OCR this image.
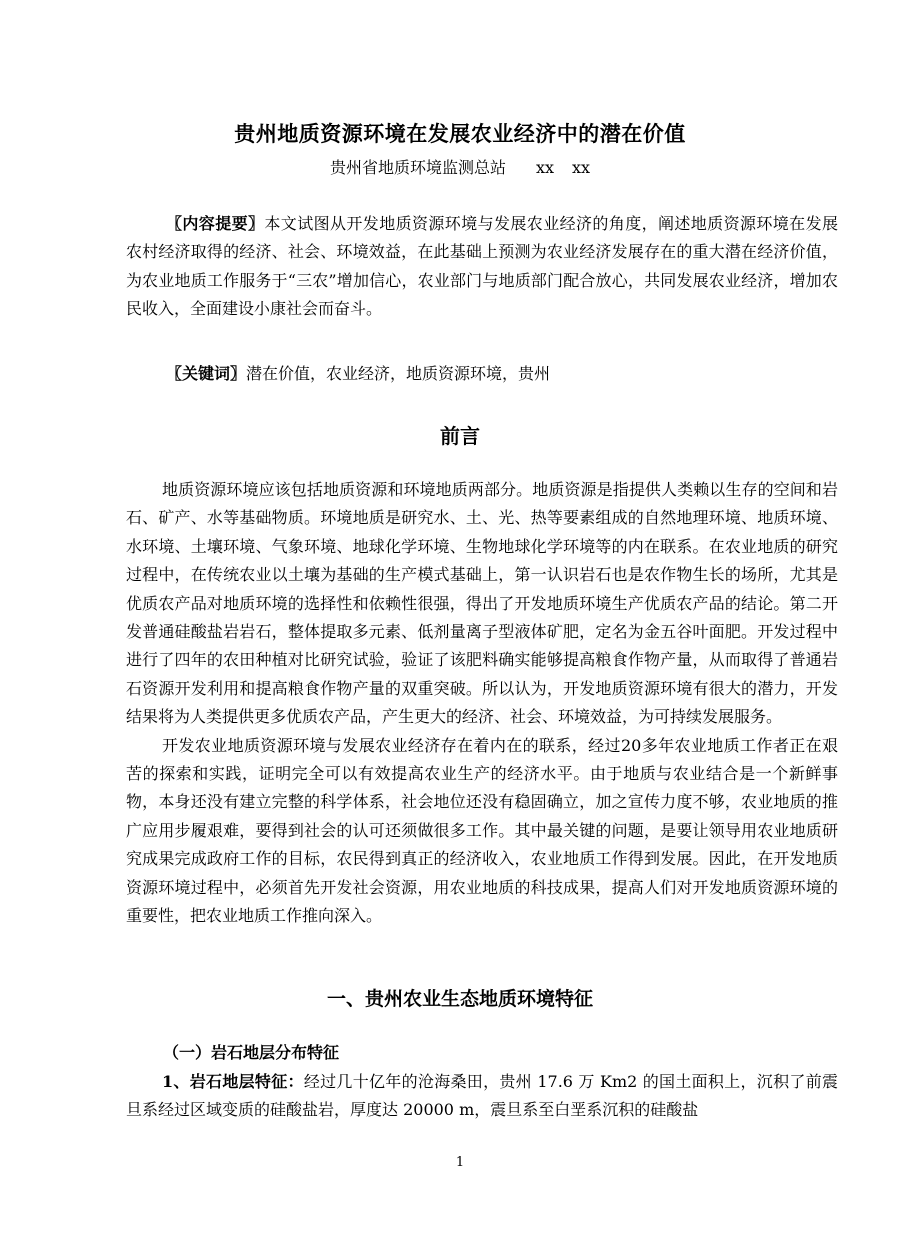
贵州地质资源环境在发展农业经济中的潜在价值
贵州省地质环境监测总站 xx xx
〖内容提要〗本文试图从开发地质资源环境与发展农业经济的角度，阐述地质资源环境在发展农村经济取得的经济、社会、环境效益，在此基础上预测为农业经济发展存在的重大潜在经济价值，为农业地质工作服务于“三农”增加信心，农业部门与地质部门配合放心，共同发展农业经济，增加农民收入，全面建设小康社会而奋斗。
〖关键词〗潜在价值，农业经济，地质资源环境，贵州
前言

地质资源环境应该包括地质资源和环境地质两部分。地质资源是指提供人类赖以生存的空间和岩石、矿产、水等基础物质。环境地质是研究水、土、光、热等要素组成的自然地理环境、地质环境、水环境、土壤环境、气象环境、地球化学环境、生物地球化学环境等的内在联系。在农业地质的研究过程中，在传统农业以土壤为基础的生产模式基础上，第一认识岩石也是农作物生长的场所，尤其是优质农产品对地质环境的选择性和依赖性很强，得出了开发地质环境生产优质农产品的结论。第二开发普通硅酸盐岩岩石，整体提取多元素、低剂量离子型液体矿肥，定名为金五谷叶面肥。开发过程中进行了四年的农田种植对比研究试验，验证了该肥料确实能够提高粮食作物产量，从而取得了普通岩石资源开发利用和提高粮食作物产量的双重突破。所以认为，开发地质资源环境有很大的潜力，开发结果将为人类提供更多优质农产品，产生更大的经济、社会、环境效益，为可持续发展服务。

开发农业地质资源环境与发展农业经济存在着内在的联系，经过20多年农业地质工作者正在艰苦的探索和实践，证明完全可以有效提高农业生产的经济水平。由于地质与农业结合是一个新鲜事物，本身还没有建立完整的科学体系，社会地位还没有稳固确立，加之宣传力度不够，农业地质的推广应用步履艰难，要得到社会的认可还须做很多工作。其中最关键的问题，是要让领导用农业地质研究成果完成政府工作的目标，农民得到真正的经济收入，农业地质工作得到发展。因此，在开发地质资源环境过程中，必须首先开发社会资源，用农业地质的科技成果，提高人们对开发地质资源环境的重要性，把农业地质工作推向深入。

一、贵州农业生态地质环境特征
（一）岩石地层分布特征

1、岩石地层特征：经过几十亿年的沧海桑田，贵州 17.6 万 Km2 的国土面积上，沉积了前震旦系经过区域变质的硅酸盐岩，厚度达 20000 m，震旦系至白垩系沉积的硅酸盐

1
